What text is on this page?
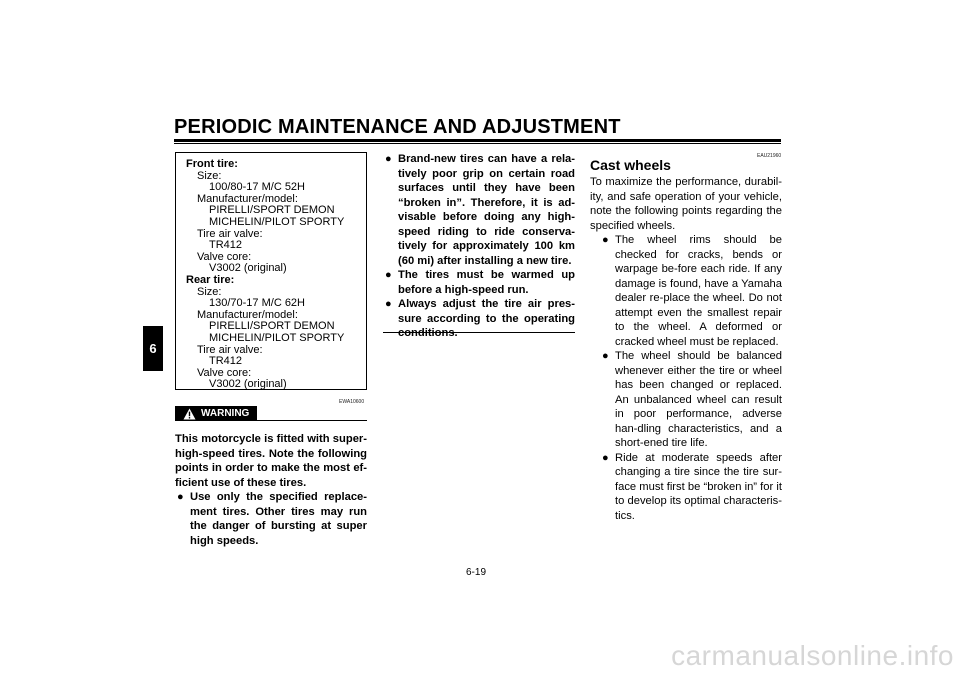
PERIODIC MAINTENANCE AND ADJUSTMENT
6
Front tire:
Size:
100/80-17 M/C 52H
Manufacturer/model:
PIRELLI/SPORT DEMON
MICHELIN/PILOT SPORTY
Tire air valve:
TR412
Valve core:
V3002 (original)
Rear tire:
Size:
130/70-17 M/C 62H
Manufacturer/model:
PIRELLI/SPORT DEMON
MICHELIN/PILOT SPORTY
Tire air valve:
TR412
Valve core:
V3002 (original)
EWA10600
WARNING

This motorcycle is fitted with super-high-speed tires. Note the following points in order to make the most ef-ficient use of these tires.

● Use only the specified replace-ment tires. Other tires may run the danger of bursting at super high speeds.
● Brand-new tires can have a rela-tively poor grip on certain road surfaces until they have been “broken in”. Therefore, it is ad-visable before doing any high-speed riding to ride conserva-tively for approximately 100 km (60 mi) after installing a new tire.
● The tires must be warmed up before a high-speed run.
● Always adjust the tire air pres-sure according to the operating conditions.
EAU21960
Cast wheels

To maximize the performance, durabil-ity, and safe operation of your vehicle, note the following points regarding the specified wheels.

● The wheel rims should be checked for cracks, bends or warpage be-fore each ride. If any damage is found, have a Yamaha dealer re-place the wheel. Do not attempt even the smallest repair to the wheel. A deformed or cracked wheel must be replaced.
● The wheel should be balanced whenever either the tire or wheel has been changed or replaced. An unbalanced wheel can result in poor performance, adverse han-dling characteristics, and a short-ened tire life.
● Ride at moderate speeds after changing a tire since the tire sur-face must first be “broken in” for it to develop its optimal characteris-tics.
6-19
carmanualsonline.info
